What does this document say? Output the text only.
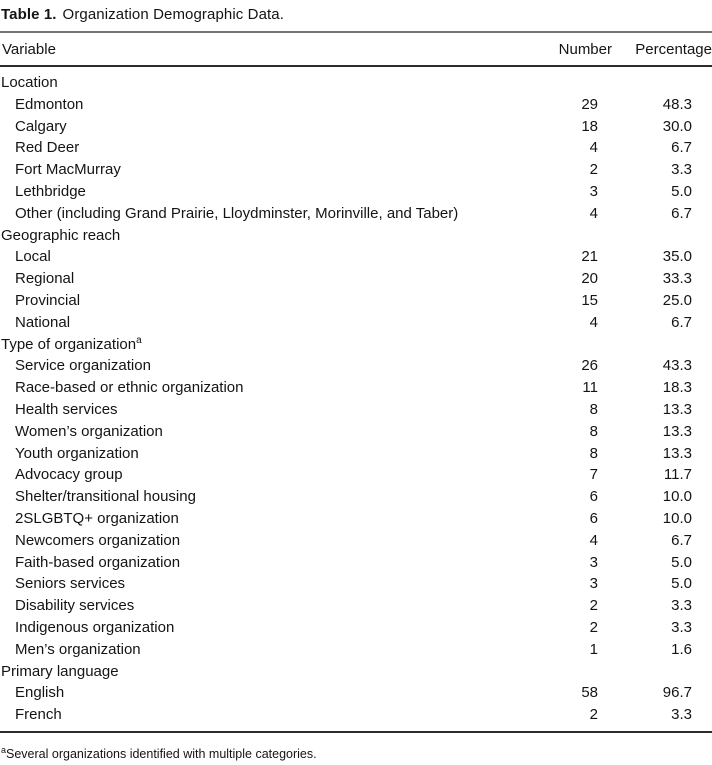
Table 1. Organization Demographic Data.
Variable	Number	Percentage
Location		
Edmonton	29	48.3
Calgary	18	30.0
Red Deer	4	6.7
Fort MacMurray	2	3.3
Lethbridge	3	5.0
Other (including Grand Prairie, Lloydminster, Morinville, and Taber)	4	6.7
Geographic reach		
Local	21	35.0
Regional	20	33.3
Provincial	15	25.0
National	4	6.7
Type of organization$^a$
Service organization	26	43.3
Race-based or ethnic organization	11	18.3
Health services	8	13.3
Women’s organization	8	13.3
Youth organization	8	13.3
Advocacy group	7	11.7
Shelter/transitional housing	6	10.0
2SLGBTQ+ organization	6	10.0
Newcomers organization	4	6.7
Faith-based organization	3	5.0
Seniors services	3	5.0
Disability services	2	3.3
Indigenous organization	2	3.3
Men’s organization	1	1.6
Primary language		
English	58	96.7
French	2	3.3

$^a$Several organizations identified with multiple categories.
